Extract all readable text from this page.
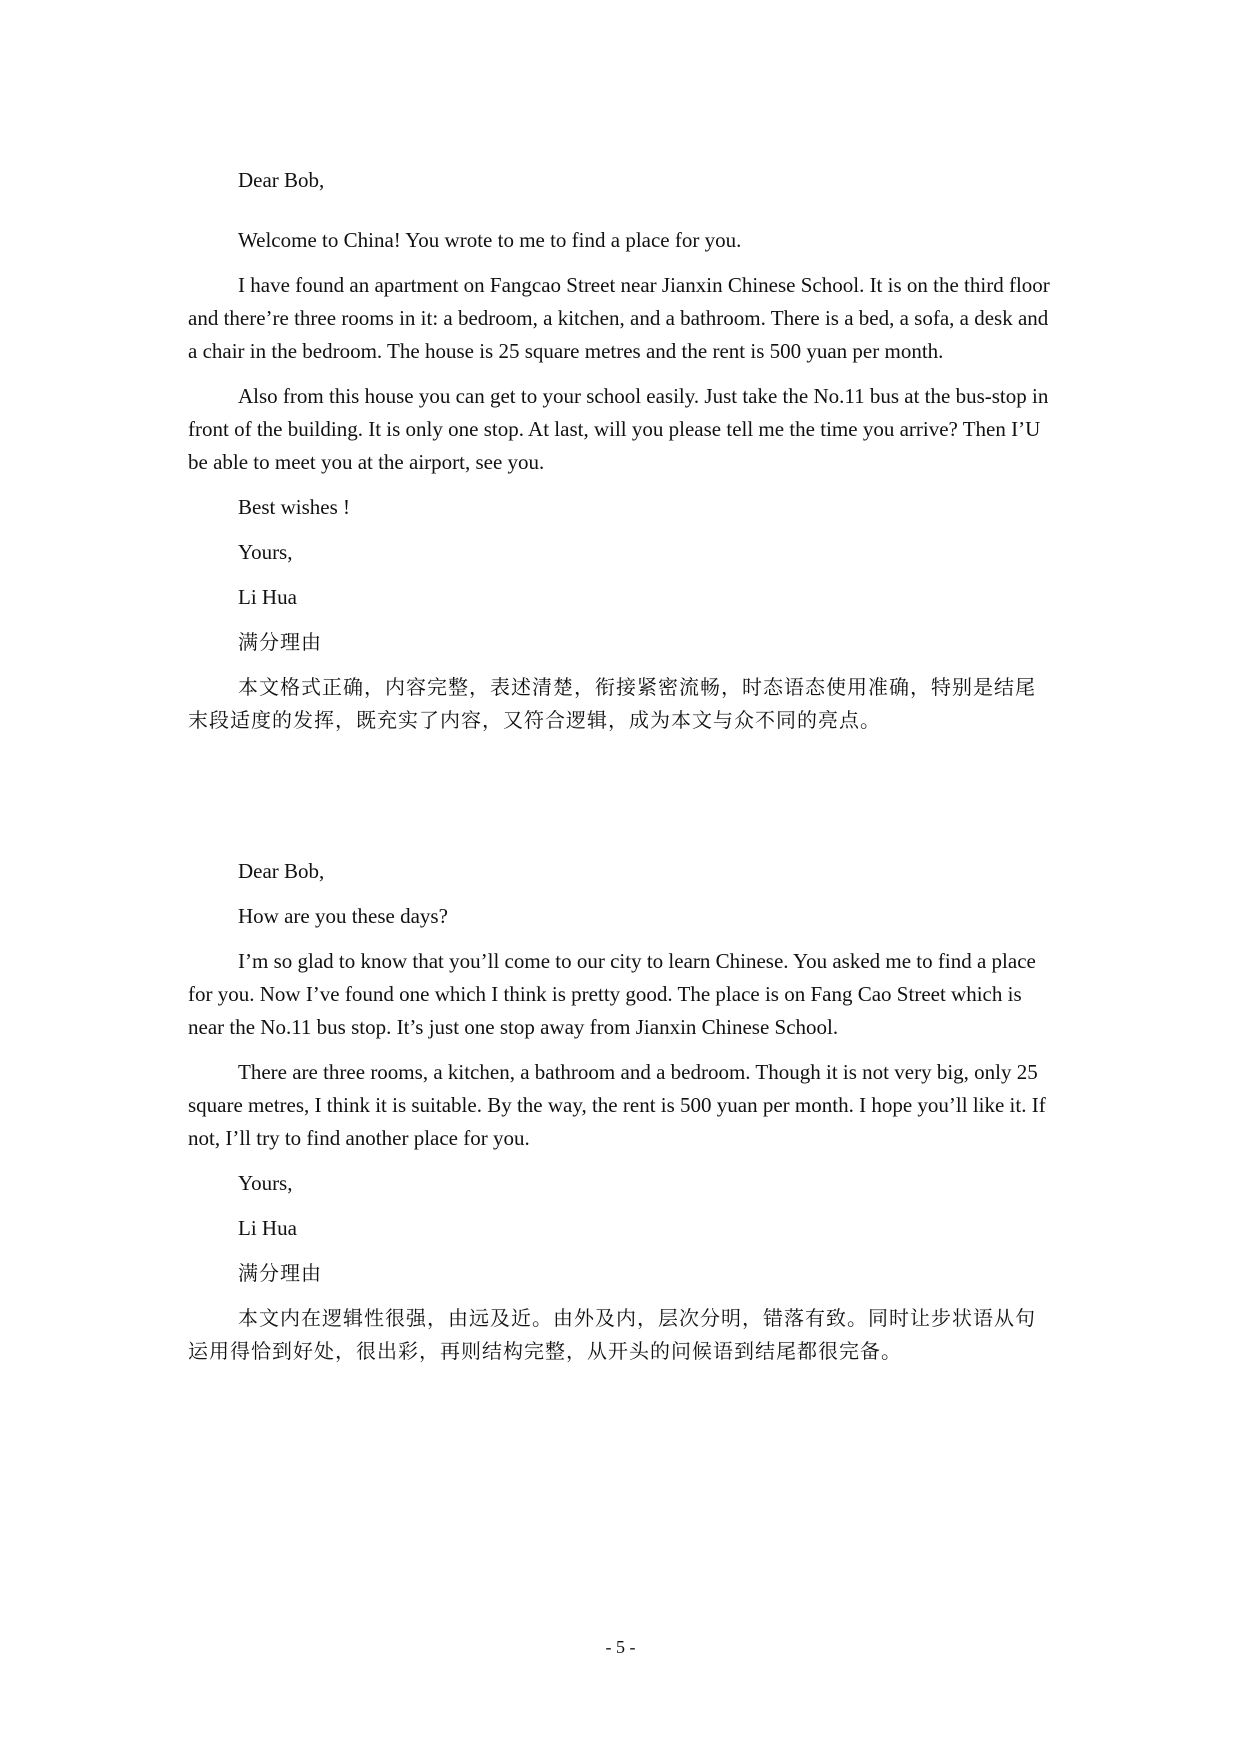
Dear Bob,

Welcome to China! You wrote to me to find a place for you.

I have found an apartment on Fangcao Street near Jianxin Chinese School. It is on the third floor and there’re three rooms in it: a bedroom, a kitchen, and a bathroom. There is a bed, a sofa, a desk and a chair in the bedroom. The house is 25 square metres and the rent is 500 yuan per month.

Also from this house you can get to your school easily. Just take the No.11 bus at the bus-stop in front of the building. It is only one stop. At last, will you please tell me the time you arrive? Then I’U be able to meet you at the airport, see you.

Best wishes !

Yours,

Li Hua

满分理由

本文格式正确，内容完整，表述清楚，衔接紧密流畅，时态语态使用准确，特别是结尾末段适度的发挥，既充实了内容，又符合逻辑，成为本文与众不同的亮点。

Dear Bob,

How are you these days?

I’m so glad to know that you’ll come to our city to learn Chinese. You asked me to find a place for you. Now I’ve found one which I think is pretty good. The place is on Fang Cao Street which is near the No.11 bus stop. It’s just one stop away from Jianxin Chinese School.

There are three rooms, a kitchen, a bathroom and a bedroom. Though it is not very big, only 25 square metres, I think it is suitable. By the way, the rent is 500 yuan per month. I hope you’ll like it. If not, I’ll try to find another place for you.

Yours,

Li Hua

满分理由

本文内在逻辑性很强，由远及近。由外及内，层次分明，错落有致。同时让步状语从句运用得恰到好处，很出彩，再则结构完整，从开头的问候语到结尾都很完备。

- 5 -
